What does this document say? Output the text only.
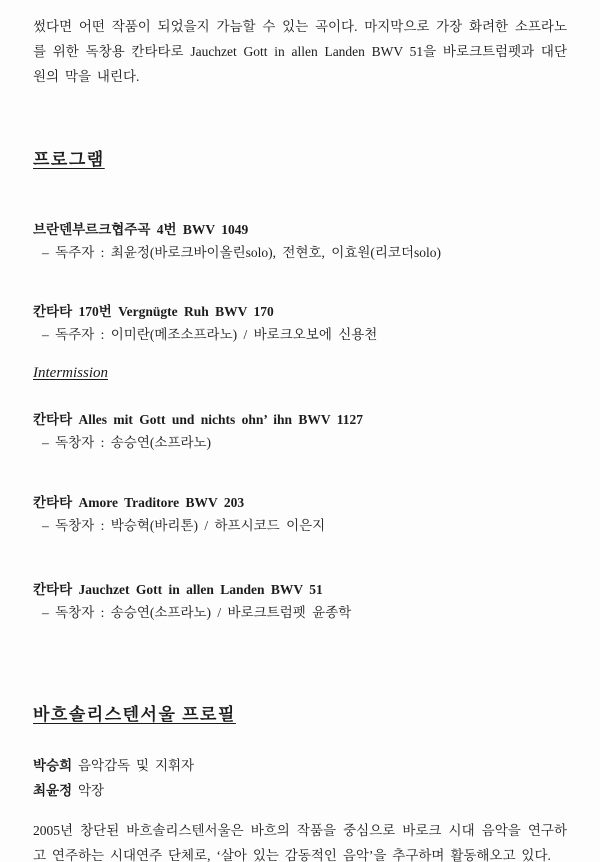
썼다면 어떤 작품이 되었을지 가늠할 수 있는 곡이다. 마지막으로 가장 화려한 소프라노를 위한 독창용 칸타타로 Jauchzet Gott in allen Landen BWV 51을 바로크트럼펫과 대단원의 막을 내린다.

프로그램

브란덴부르크협주곡 4번 BWV 1049

– 독주자 : 최윤정(바로크바이올린solo), 전현호, 이효원(리코더solo)

칸타타 170번 Vergnügte Ruh BWV 170

– 독주자 : 이미란(메조소프라노) / 바로크오보에 신용천

Intermission

칸타타 Alles mit Gott und nichts ohn’ ihn BWV 1127

– 독창자 : 송승연(소프라노)

칸타타 Amore Traditore BWV 203

– 독창자 : 박승혁(바리톤) / 하프시코드 이은지

칸타타 Jauchzet Gott in allen Landen BWV 51

– 독창자 : 송승연(소프라노) / 바로크트럼펫 윤종학

바흐솔리스텐서울 프로필
박승희 음악감독 및 지휘자
최윤정 악장

2005년 창단된 바흐솔리스텐서울은 바흐의 작품을 중심으로 바로크 시대 음악을 연구하고 연주하는 시대연주 단체로, ‘살아 있는 감동적인 음악’을 추구하며 활동해오고 있다.
